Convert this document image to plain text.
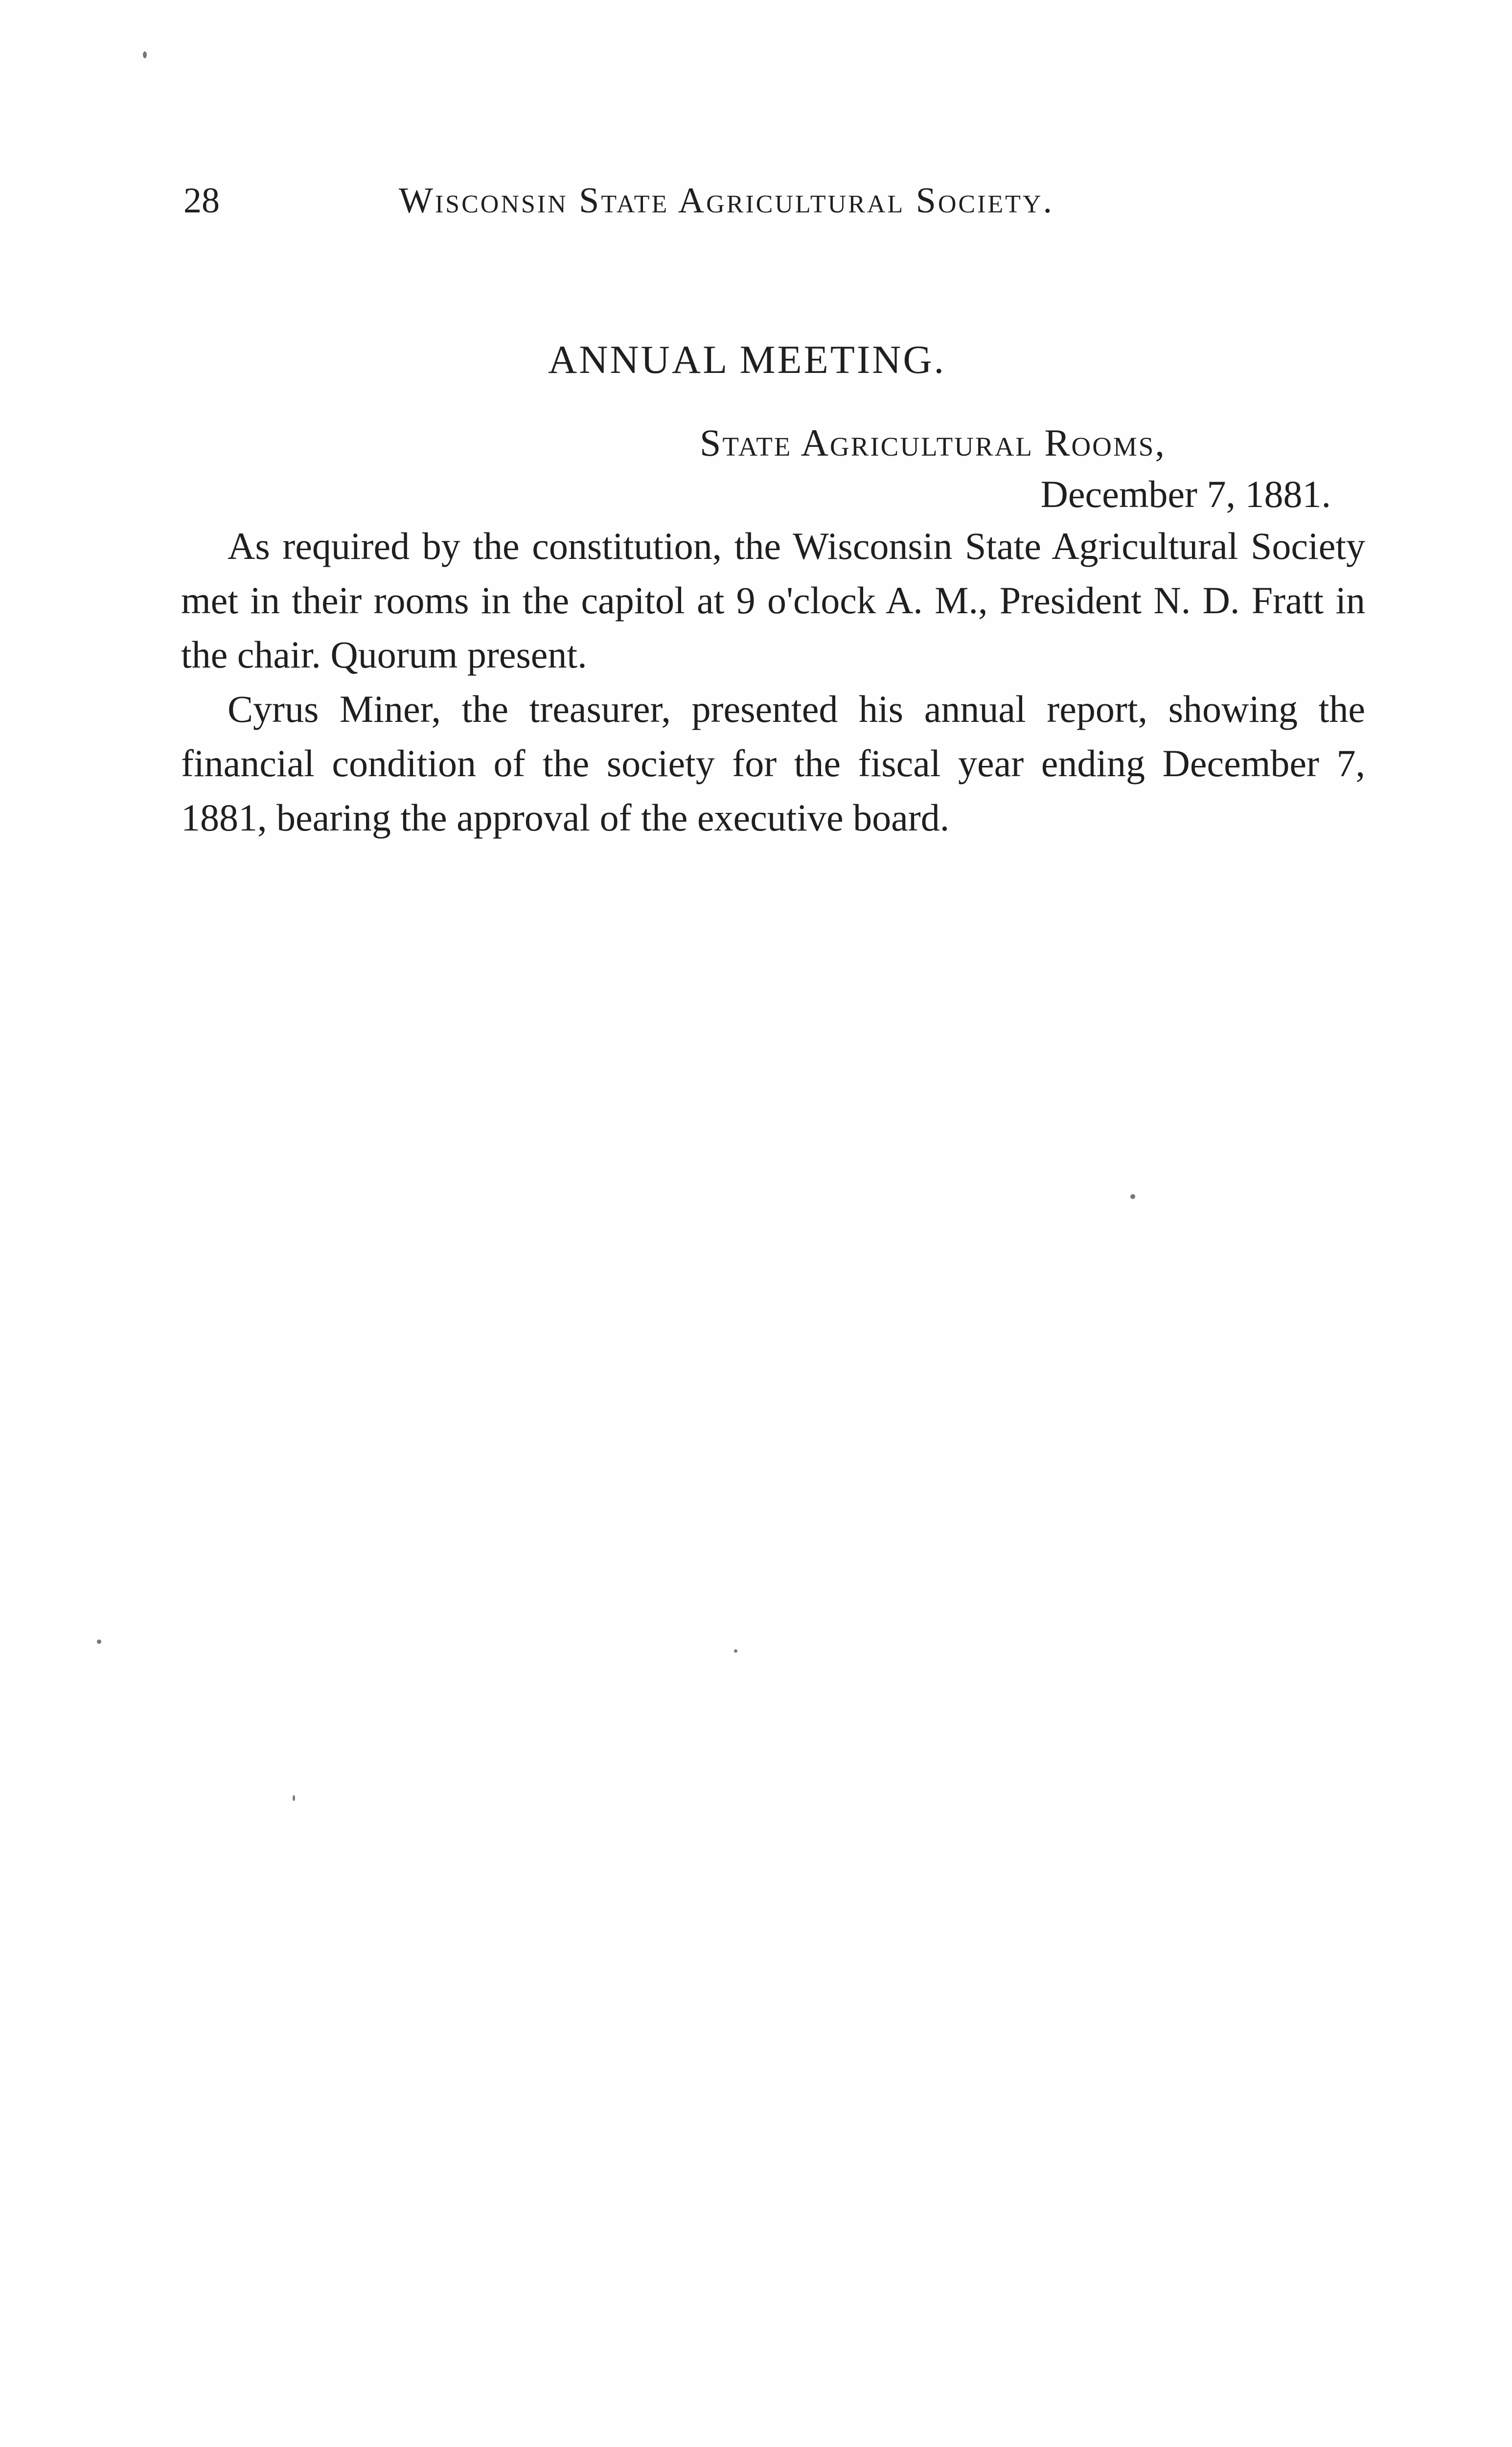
28	Wisconsin State Agricultural Society.
ANNUAL MEETING.
State Agricultural Rooms,
December 7, 1881.

As required by the constitution, the Wisconsin State Agricultural Society met in their rooms in the capitol at 9 o'clock A. M., President N. D. Fratt in the chair. Quorum present.

Cyrus Miner, the treasurer, presented his annual report, showing the financial condition of the society for the fiscal year ending December 7, 1881, bearing the approval of the executive board.
